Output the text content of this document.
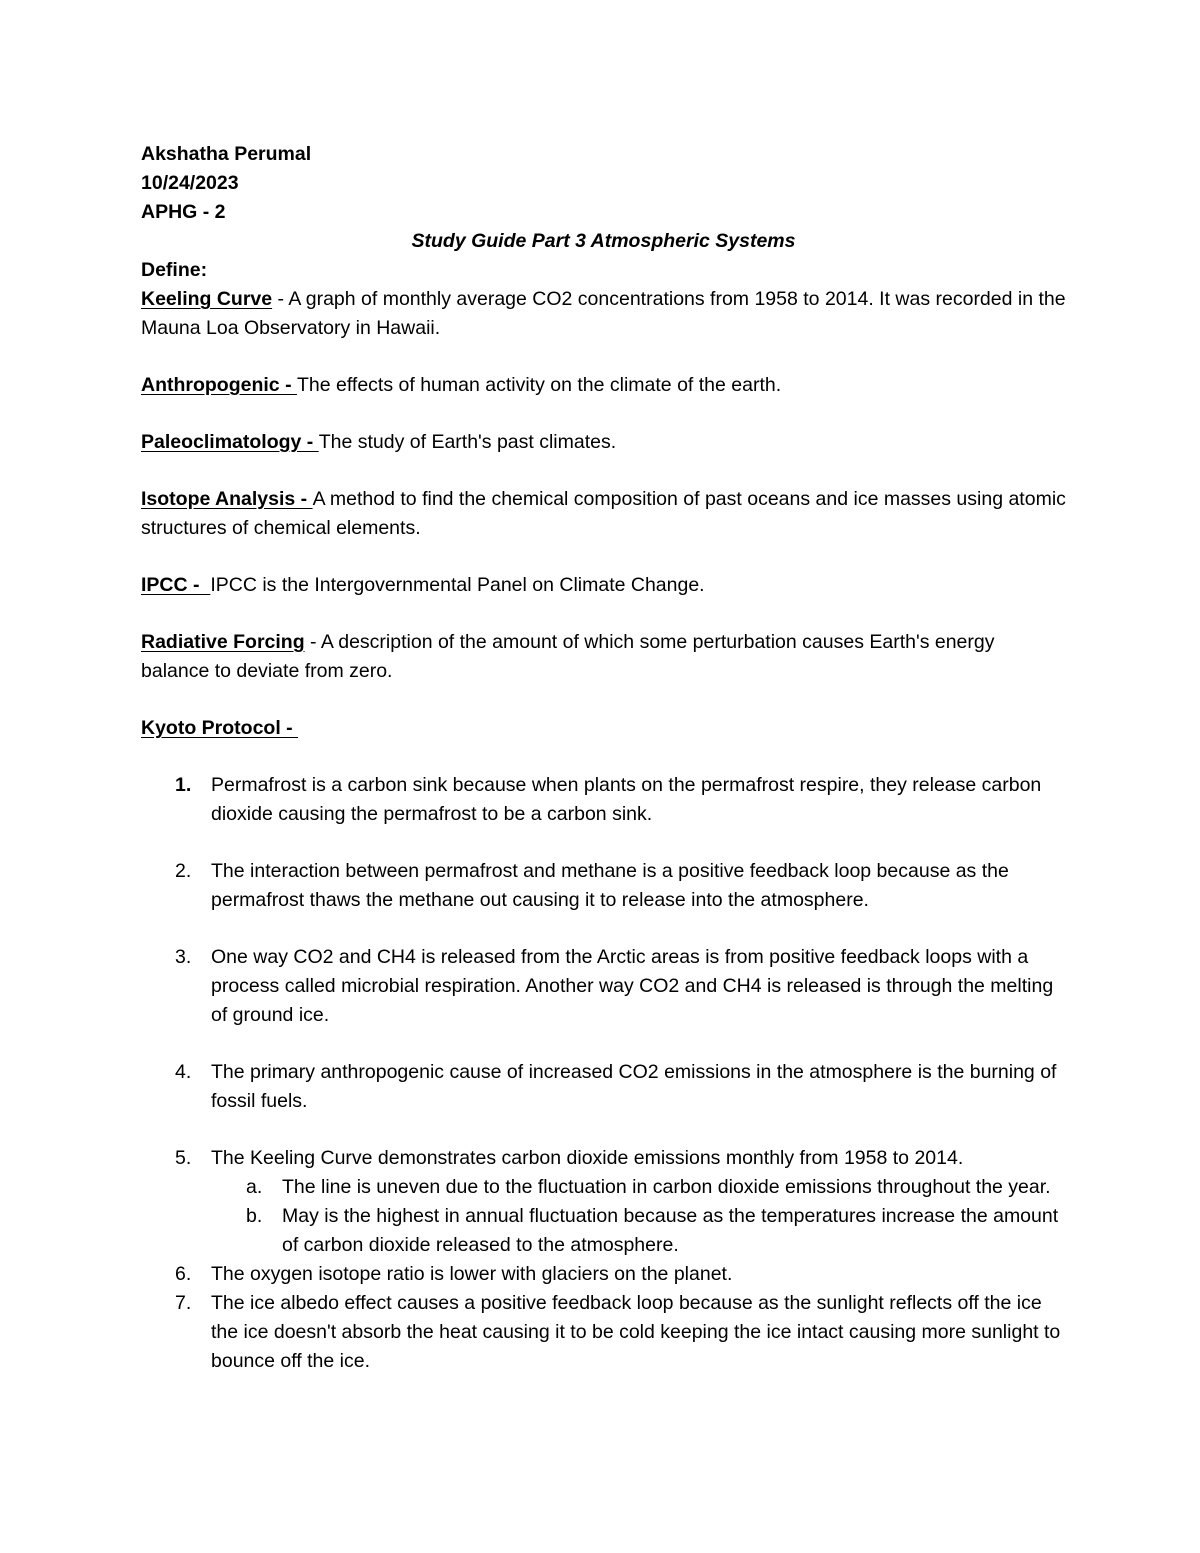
Akshatha Perumal

10/24/2023

APHG - 2

Study Guide Part 3 Atmospheric Systems

Define:

Keeling Curve - A graph of monthly average CO2 concentrations from 1958 to 2014. It was recorded in the Mauna Loa Observatory in Hawaii.

Anthropogenic - The effects of human activity on the climate of the earth.

Paleoclimatology - The study of Earth's past climates.

Isotope Analysis - A method to find the chemical composition of past oceans and ice masses using atomic structures of chemical elements.

IPCC -  IPCC is the Intergovernmental Panel on Climate Change.

Radiative Forcing - A description of the amount of which some perturbation causes Earth's energy balance to deviate from zero.

Kyoto Protocol -

1. Permafrost is a carbon sink because when plants on the permafrost respire, they release carbon dioxide causing the permafrost to be a carbon sink.
2. The interaction between permafrost and methane is a positive feedback loop because as the permafrost thaws the methane out causing it to release into the atmosphere.
3. One way CO2 and CH4 is released from the Arctic areas is from positive feedback loops with a process called microbial respiration. Another way CO2 and CH4 is released is through the melting of ground ice.
4. The primary anthropogenic cause of increased CO2 emissions in the atmosphere is the burning of fossil fuels.
5. The Keeling Curve demonstrates carbon dioxide emissions monthly from 1958 to 2014.
a. The line is uneven due to the fluctuation in carbon dioxide emissions throughout the year.
b. May is the highest in annual fluctuation because as the temperatures increase the amount of carbon dioxide released to the atmosphere.
6. The oxygen isotope ratio is lower with glaciers on the planet.
7. The ice albedo effect causes a positive feedback loop because as the sunlight reflects off the ice the ice doesn't absorb the heat causing it to be cold keeping the ice intact causing more sunlight to bounce off the ice.
